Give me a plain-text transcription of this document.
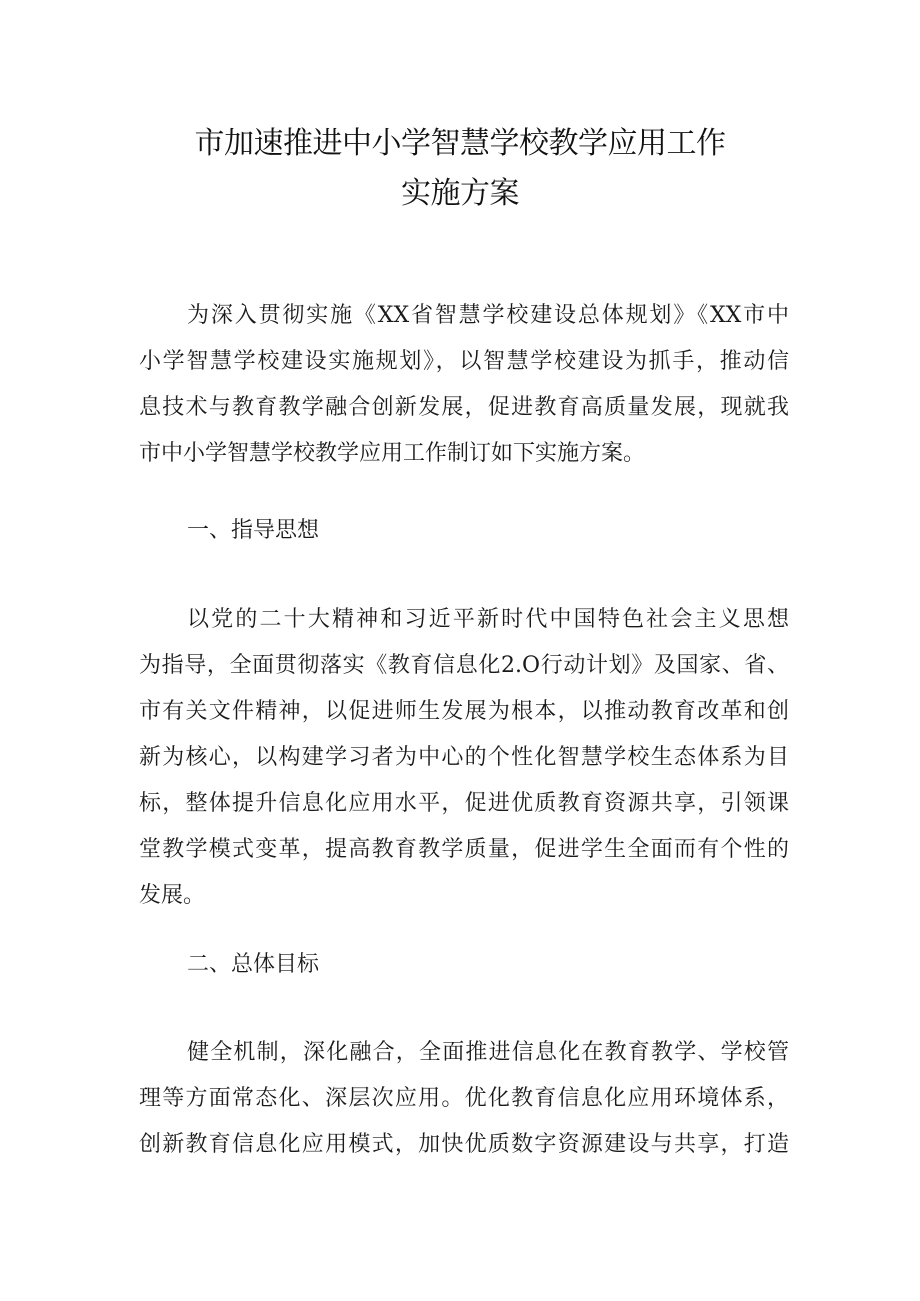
市加速推进中小学智慧学校教学应用工作
实施方案
为深入贯彻实施《XX省智慧学校建设总体规划》《XX市中
小学智慧学校建设实施规划》，以智慧学校建设为抓手，推动信
息技术与教育教学融合创新发展，促进教育高质量发展，现就我
市中小学智慧学校教学应用工作制订如下实施方案。
一、指导思想
以党的二十大精神和习近平新时代中国特色社会主义思想
为指导，全面贯彻落实《教育信息化2.O行动计划》及国家、省、
市有关文件精神，以促进师生发展为根本，以推动教育改革和创
新为核心，以构建学习者为中心的个性化智慧学校生态体系为目
标，整体提升信息化应用水平，促进优质教育资源共享，引领课
堂教学模式变革，提高教育教学质量，促进学生全面而有个性的
发展。
二、总体目标
健全机制，深化融合，全面推进信息化在教育教学、学校管
理等方面常态化、深层次应用。优化教育信息化应用环境体系，
创新教育信息化应用模式，加快优质数字资源建设与共享，打造
